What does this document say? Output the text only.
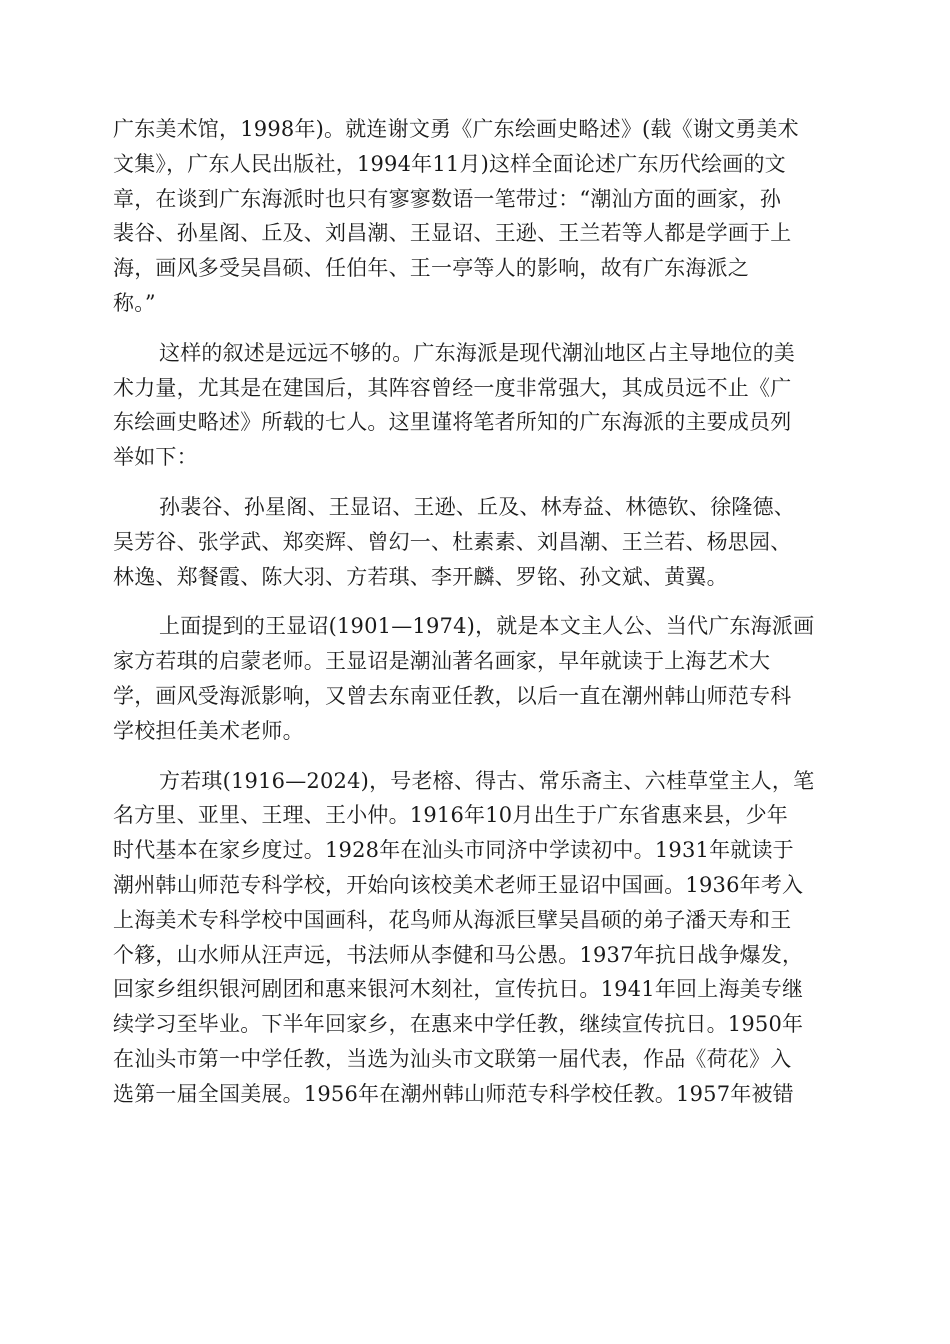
广东美术馆，1998年)。就连谢文勇《广东绘画史略述》(载《谢文勇美术
文集》，广东人民出版社，1994年11月)这样全面论述广东历代绘画的文
章，在谈到广东海派时也只有寥寥数语一笔带过：“潮汕方面的画家，孙
裴谷、孙星阁、丘及、刘昌潮、王显诏、王逊、王兰若等人都是学画于上
海，画风多受吴昌硕、任伯年、王一亭等人的影响，故有广东海派之
称。”

这样的叙述是远远不够的。广东海派是现代潮汕地区占主导地位的美
术力量，尤其是在建国后，其阵容曾经一度非常强大，其成员远不止《广
东绘画史略述》所载的七人。这里谨将笔者所知的广东海派的主要成员列
举如下：

孙裴谷、孙星阁、王显诏、王逊、丘及、林寿益、林德钦、徐隆德、
吴芳谷、张学武、郑奕辉、曾幻一、杜素素、刘昌潮、王兰若、杨思园、
林逸、郑餐霞、陈大羽、方若琪、李开麟、罗铭、孙文斌、黄翼。

上面提到的王显诏(1901—1974)，就是本文主人公、当代广东海派画
家方若琪的启蒙老师。王显诏是潮汕著名画家，早年就读于上海艺术大
学，画风受海派影响，又曾去东南亚任教，以后一直在潮州韩山师范专科
学校担任美术老师。

方若琪(1916—2024)，号老榕、得古、常乐斋主、六桂草堂主人，笔
名方里、亚里、王理、王小仲。1916年10月出生于广东省惠来县，少年
时代基本在家乡度过。1928年在汕头市同济中学读初中。1931年就读于
潮州韩山师范专科学校，开始向该校美术老师王显诏中国画。1936年考入
上海美术专科学校中国画科，花鸟师从海派巨擘吴昌硕的弟子潘天寿和王
个簃，山水师从汪声远，书法师从李健和马公愚。1937年抗日战争爆发，
回家乡组织银河剧团和惠来银河木刻社，宣传抗日。1941年回上海美专继
续学习至毕业。下半年回家乡，在惠来中学任教，继续宣传抗日。1950年
在汕头市第一中学任教，当选为汕头市文联第一届代表，作品《荷花》入
选第一届全国美展。1956年在潮州韩山师范专科学校任教。1957年被错
